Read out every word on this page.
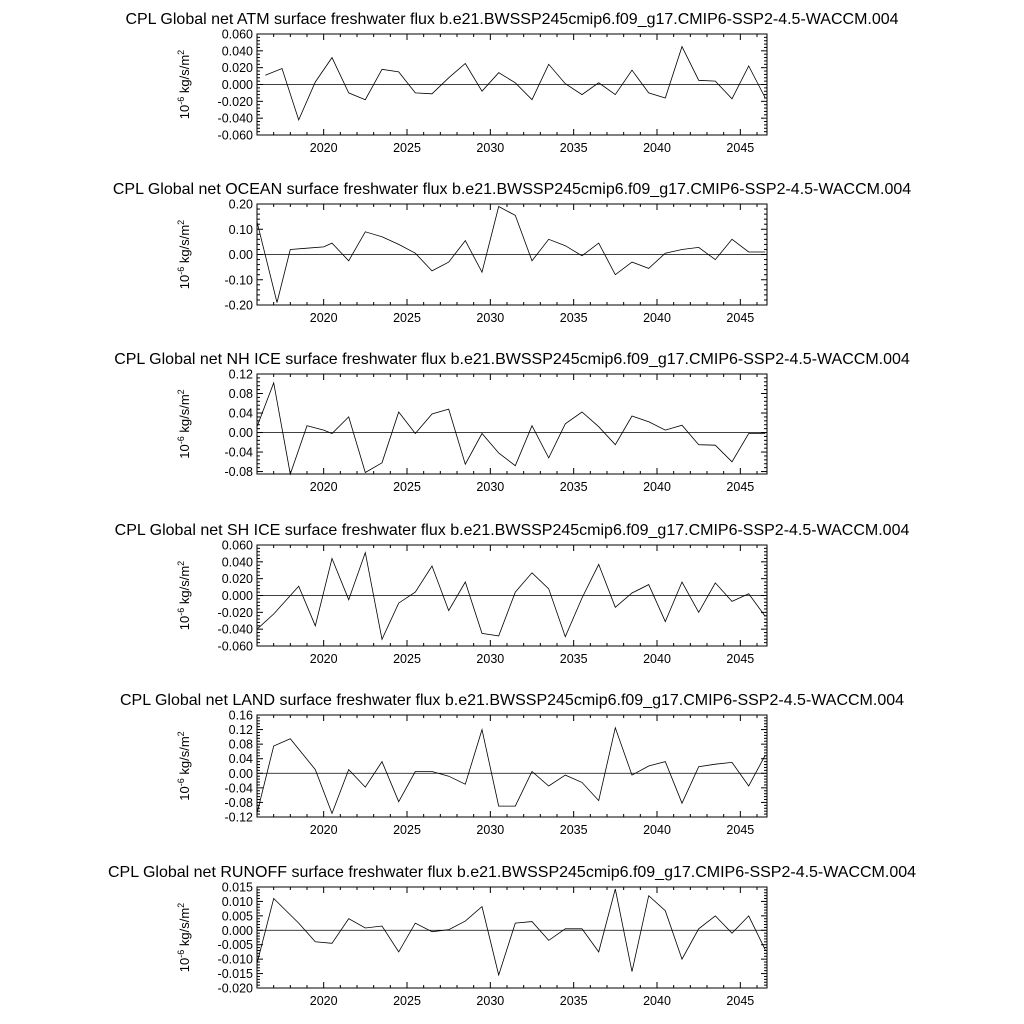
CPL Global net ATM surface freshwater flux b.e21.BWSSP245cmip6.f09_g17.CMIP6-SSP2-4.5-WACCM.004
0.060
0.040
0.020
0.000
-0.020
-0.040
-0.060
2020	2025	2030	2035	2040	2045
$10^{-6}$ $kg/s/m^2$
CPL Global net OCEAN surface freshwater flux b.e21.BWSSP245cmip6.f09_g17.CMIP6-SSP2-4.5-WACCM.004
0.20
0.10
0.00
-0.10
-0.20
2020	2025	2030	2035	2040	2045
$10^{-6}$ $kg/s/m^2$
CPL Global net NH ICE surface freshwater flux b.e21.BWSSP245cmip6.f09_g17.CMIP6-SSP2-4.5-WACCM.004
0.12
0.08
0.04
0.00
-0.04
-0.08
2020	2025	2030	2035	2040	2045
$10^{-6}$ $kg/s/m^2$
CPL Global net SH ICE surface freshwater flux b.e21.BWSSP245cmip6.f09_g17.CMIP6-SSP2-4.5-WACCM.004
0.060
0.040
0.020
0.000
-0.020
-0.040
-0.060
2020	2025	2030	2035	2040	2045
$10^{-6}$ $kg/s/m^2$
CPL Global net LAND surface freshwater flux b.e21.BWSSP245cmip6.f09_g17.CMIP6-SSP2-4.5-WACCM.004
0.16
0.12
0.08
0.04
0.00
-0.04
-0.08
-0.12
2020	2025	2030	2035	2040	2045
$10^{-6}$ $kg/s/m^2$
CPL Global net RUNOFF surface freshwater flux b.e21.BWSSP245cmip6.f09_g17.CMIP6-SSP2-4.5-WACCM.004
0.015
0.010
0.005
0.000
-0.005
-0.010
-0.015
-0.020
2020	2025	2030	2035	2040	2045
$10^{-6}$ $kg/s/m^2$
